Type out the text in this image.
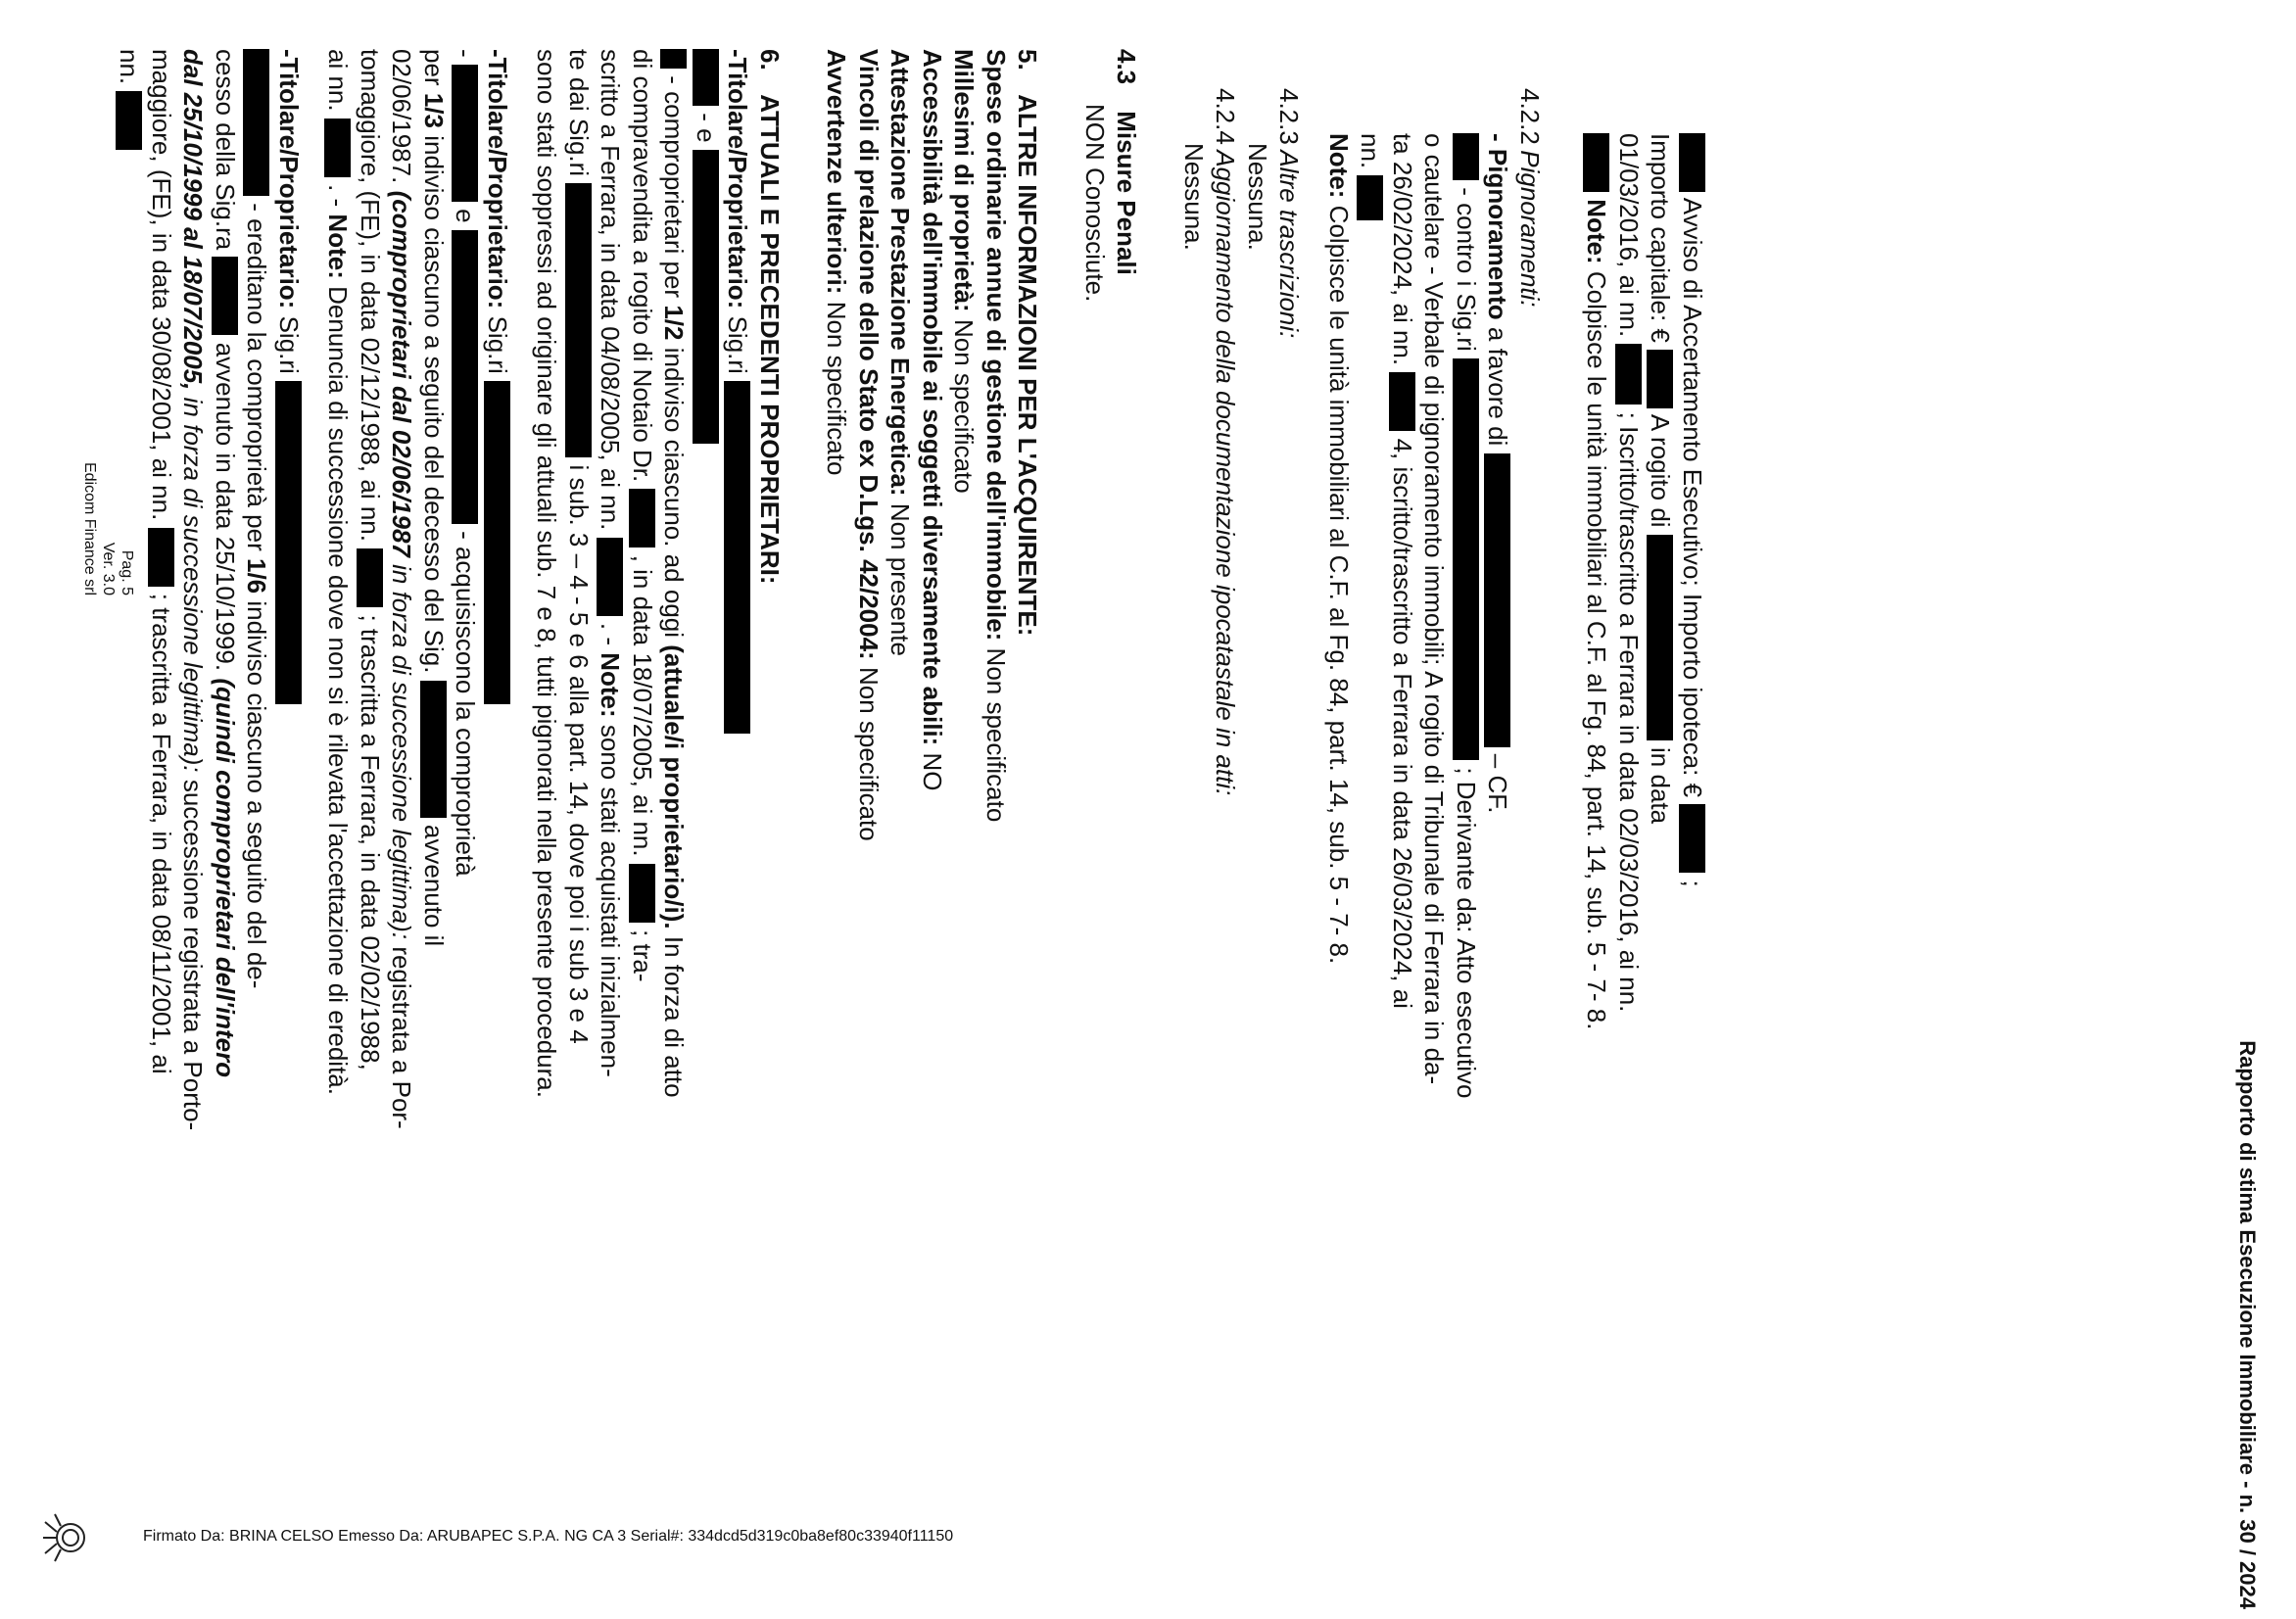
Rapporto di stima Esecuzione Immobiliare - n. 30 / 2024

Avviso di Accertamento Esecutivo; Importo ipoteca: €  ;

Importo capitale: €  A rogito di  in data

01/03/2016, ai nn.  ; Iscritto/trascritto a Ferrara in data 02/03/2016, ai nn.

Note: Colpisce le unità immobiliari al C.F. al Fg. 84, part. 14, sub. 5 - 7- 8.

4.2.2 Pignoramenti:

- Pignoramento a favore di  – CF.

- contro i Sig.ri  ; Derivante da: Atto esecutivo

o cautelare - Verbale di pignoramento immobili; A rogito di Tribunale di Ferrara in da-

ta 26/02/2024, ai nn.  4, iscritto/trascritto a Ferrara in data 26/03/2024, ai

nn.

Note: Colpisce le unità immobiliari al C.F. al Fg. 84, part. 14, sub. 5 - 7- 8.

4.2.3 Altre trascrizioni:

Nessuna.

4.2.4 Aggiornamento della documentazione ipocatastale in atti:

Nessuna.

4.3 Misure Penali

NON Conosciute.

5. ALTRE INFORMAZIONI PER L'ACQUIRENTE:

Spese ordinarie annue di gestione dell'immobile: Non specificato

Millesimi di proprietà: Non specificato

Accessibilità dell'immobile ai soggetti diversamente abili: NO

Attestazione Prestazione Energetica: Non presente

Vincoli di prelazione dello Stato ex D.Lgs. 42/2004: Non specificato

Avvertenze ulteriori: Non specificato

6. ATTUALI E PRECEDENTI PROPRIETARI:

-Titolare/Proprietario: Sig.ri

- e

- comproprietari per 1/2 indiviso ciascuno. ad oggi (attuale/i proprietario/i). In forza di atto

di compravendita a rogito di Notaio Dr.  , in data 18/07/2005, ai nn.  ; tra-

scritto a Ferrara, in data 04/08/2005, ai nn.  . - Note: sono stati acquistati inizialmen-

te dai Sig.ri  i sub. 3 – 4 - 5 e 6 alla part. 14, dove poi i sub 3 e 4

sono stati soppressi ad originare gli attuali sub. 7 e 8, tutti pignorati nella presente procedura.

-Titolare/Proprietario: Sig.ri

-  e  - acquisiscono la comproprietà

per 1/3 indiviso ciascuno a seguito del decesso del Sig.  avvenuto il

02/06/1987. (comproprietari dal 02/06/1987 in forza di successione legittima): registrata a Por-

tomaggiore, (FE), in data 02/12/1988, ai nn.  ; trascritta a Ferrara, in data 02/02/1988,

ai nn.  . - Note: Denuncia di successione dove non si è rilevata l'accettazione di eredità.

-Titolare/Proprietario: Sig.ri

- ereditano la comproprietà per 1/6 indiviso ciascuno a seguito del de-

cesso della Sig.ra  avvenuto in data 25/10/1999. (quindi comproprietari dell'intero

dal 25/10/1999 al 18/07/2005, in forza di successione legittima): successione registrata a Porto-

maggiore, (FE), in data 30/08/2001, ai nn.  ; trascritta a Ferrara, in data 08/11/2001, ai

nn.

Pag. 5
Ver. 3.0
Edicom Finance srl
Firmato Da: BRINA CELSO Emesso Da: ARUBAPEC S.P.A. NG CA 3 Serial#: 334dcd5d319c0ba8ef80c33940f11150
